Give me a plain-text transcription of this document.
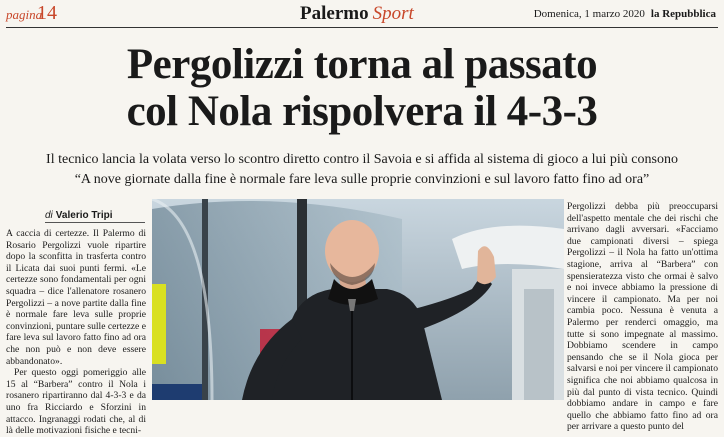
pagina
14	Palermo Sport	Domenica, 1 marzo 2020 la Repubblica
Pergolizzi torna al passato
col Nola rispolvera il 4-3-3
Il tecnico lancia la volata verso lo scontro diretto contro il Savoia e si affida al sistema di gioco a lui più consono
“A nove giornate dalla fine è normale fare leva sulle proprie convinzioni e sul lavoro fatto fino ad ora”
di Valerio Tripi

A caccia di certezze. Il Palermo di Rosario Pergolizzi vuole ripartire dopo la sconfitta in trasferta contro il Licata dai suoi punti fermi. «Le certezze sono fondamentali per ogni squadra – dice l'allenatore rosanero Pergolizzi – a nove partite dalla fine è normale fare leva sulle proprie convinzioni, puntare sulle certezze e fare leva sul lavoro fatto fino ad ora che non può e non deve essere abbandonato».

Per questo oggi pomeriggio alle 15 al “Barbera” contro il Nola i rosanero ripartiranno dal 4-3-3 e da uno fra Ricciardo e Sforzini in attacco. Ingranaggi rodati che, al di là delle motivazioni fisiche e tecni-

Pergolizzi debba più preoccuparsi dell'aspetto mentale che dei rischi che arrivano dagli avversari. «Facciamo due campionati diversi – spiega Pergolizzi – il Nola ha fatto un'ottima stagione, arriva al “Barbera” con spensieratezza visto che ormai è salvo e noi invece abbiamo la pressione di vincere il campionato. Ma per noi cambia poco. Nessuna è venuta a Palermo per renderci omaggio, ma tutte si sono impegnate al massimo. Dobbiamo scendere in campo pensando che se il Nola gioca per salvarsi e noi per vincere il campionato significa che noi abbiamo qualcosa in più dal punto di vista tecnico. Quindi dobbiamo andare in campo e fare quello che abbiamo fatto fino ad ora per arrivare a questo punto del
